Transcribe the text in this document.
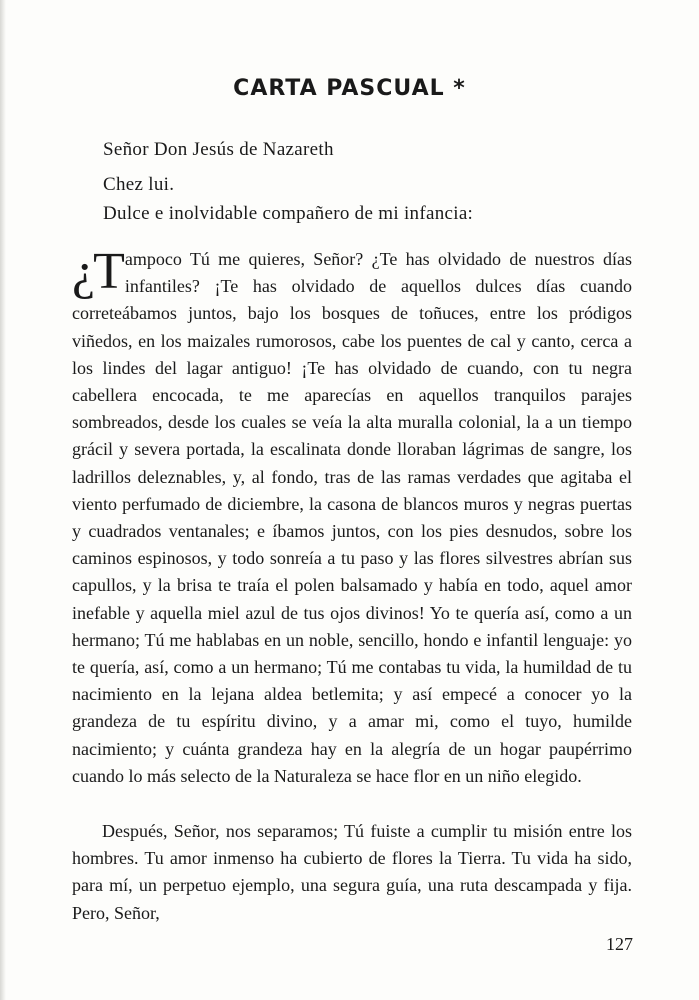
CARTA PASCUAL *
Señor Don Jesús de Nazareth
Chez lui.
Dulce e inolvidable compañero de mi infancia:
¿T ampoco Tú me quieres, Señor? ¿Te has olvidado de nuestros días infantiles? ¡Te has olvidado de aquellos dulces días cuando correteábamos juntos, bajo los bosques de toñuces, entre los pródigos viñedos, en los maizales rumorosos, cabe los puentes de cal y canto, cerca a los lindes del lagar antiguo! ¡Te has olvidado de cuando, con tu negra cabellera encocada, te me aparecías en aquellos tranquilos parajes sombreados, desde los cuales se veía la alta muralla colonial, la a un tiempo grácil y severa portada, la escalinata donde lloraban lágrimas de sangre, los ladrillos deleznables, y, al fondo, tras de las ramas verdades que agitaba el viento perfumado de diciembre, la casona de blancos muros y negras puertas y cuadrados ventanales; e íbamos juntos, con los pies desnudos, sobre los caminos espinosos, y todo sonreía a tu paso y las flores silvestres abrían sus capullos, y la brisa te traía el polen balsamado y había en todo, aquel amor inefable y aquella miel azul de tus ojos divinos! Yo te quería así, como a un hermano; Tú me hablabas en un noble, sencillo, hondo e infantil lenguaje: yo te quería, así, como a un hermano; Tú me contabas tu vida, la humildad de tu nacimiento en la lejana aldea betlemita; y así empecé a conocer yo la grandeza de tu espíritu divino, y a amar mi, como el tuyo, humilde nacimiento; y cuánta grandeza hay en la alegría de un hogar paupérrimo cuando lo más selecto de la Naturaleza se hace flor en un niño elegido.
Después, Señor, nos separamos; Tú fuiste a cumplir tu misión entre los hombres. Tu amor inmenso ha cubierto de flores la Tierra. Tu vida ha sido, para mí, un perpetuo ejemplo, una segura guía, una ruta descampada y fija. Pero, Señor,
127
